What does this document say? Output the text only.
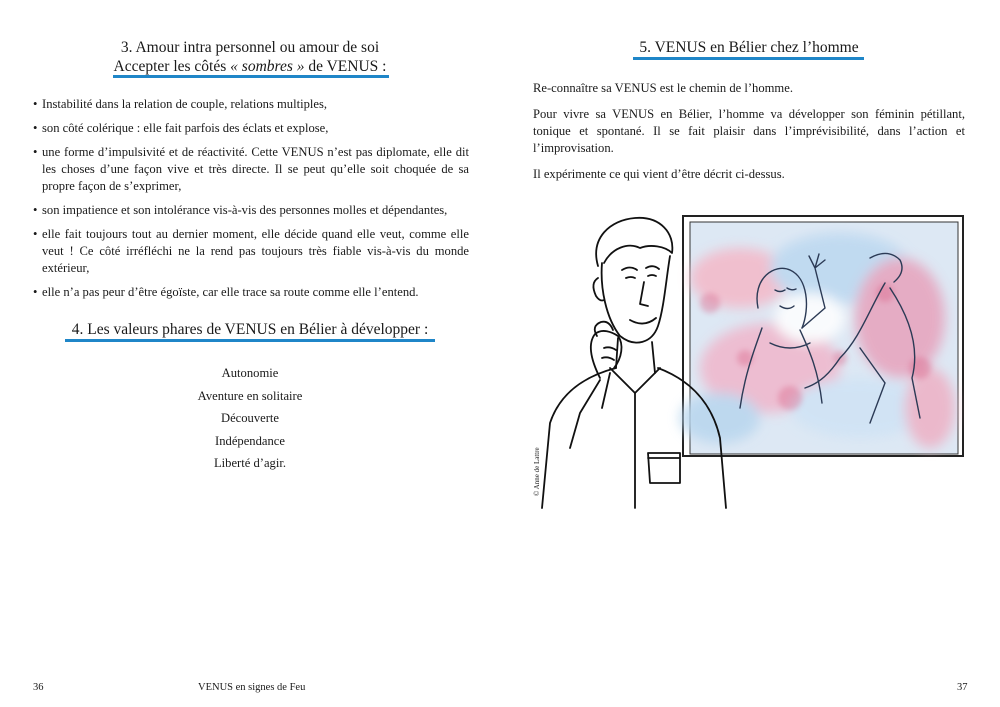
3. Amour intra personnel ou amour de soi
Accepter les côtés « sombres » de VENUS :
• Instabilité dans la relation de couple, relations multiples,
• son côté colérique : elle fait parfois des éclats et explose,
• une forme d’impulsivité et de réactivité. Cette VENUS n’est pas diplomate, elle dit les choses d’une façon vive et très directe. Il se peut qu’elle soit choquée de sa propre façon de s’exprimer,
• son impatience et son intolérance vis-à-vis des personnes molles et dépendantes,
• elle fait toujours tout au dernier moment, elle décide quand elle veut, comme elle veut ! Ce côté irréfléchi ne la rend pas toujours très fiable vis-à-vis du monde extérieur,
• elle n’a pas peur d’être égoïste, car elle trace sa route comme elle l’entend.
4. Les valeurs phares de VENUS en Bélier à développer :
Autonomie
Aventure en solitaire
Découverte
Indépendance
Liberté d’agir.
36	VENUS en signes de Feu
5. VENUS en Bélier chez l’homme

Re-connaître sa VENUS est le chemin de l’homme.

Pour vivre sa VENUS en Bélier, l’homme va développer son féminin pétillant, tonique et spontané. Il se fait plaisir dans l’imprévisibilité, dans l’action et l’improvisation.

Il expérimente ce qui vient d’être décrit ci-dessus.

© Anne de Lattre
37
